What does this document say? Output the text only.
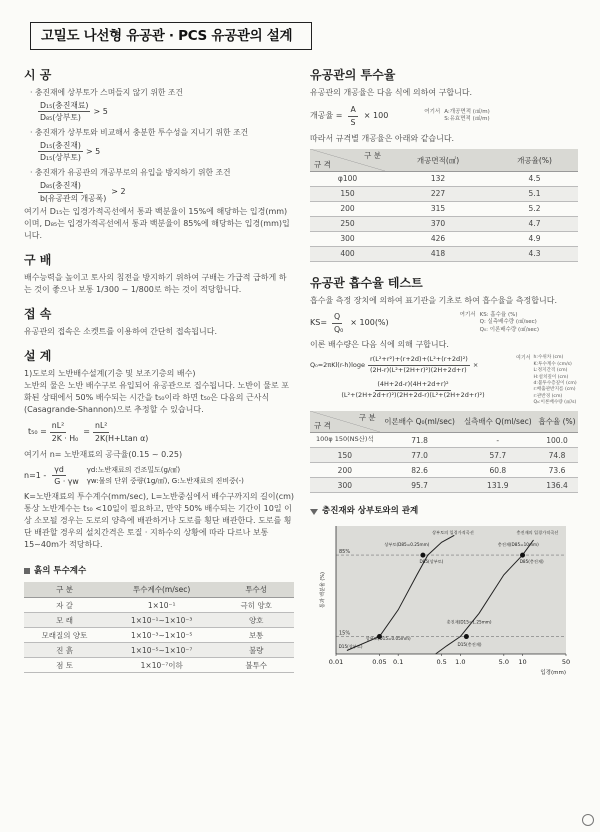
고밀도 나선형 유공관 · PCS 유공관의 설계
시 공
· 충진재에 상부토가 스며들지 않기 위한 조건
$\frac{\text{D₁₅(충진재료)}}{\text{D₈₅(상부토)}} > 5$
· 충진재가 상부토와 비교해서 충분한 투수성을 지니기 위한 조건
$\frac{\text{D₁₅(충진재)}}{\text{D₁₅(상부토)}} > 5$
· 충진재가 유공관의 개공부로의 유입을 방지하기 위한 조건
$\frac{\text{D₈₅(충진재)}}{\text{b(유공관의 개공폭)}} > 2$

여기서 D₁₅는 입경가적곡선에서 통과 백분율이 15%에 해당하는 입경(mm)이며, D₈₅는 입경가적곡선에서 통과 백분율이 85%에 해당하는 입경(mm)입니다.

구 배

배수능력을 높이고 토사의 침전을 방지하기 위하여 구배는 가급적 급하게 하는 것이 좋으나 보통 1/300 ~ 1/800로 하는 것이 적당합니다.

접 속

유공관의 접속은 소켓트를 이용하여 간단히 접속됩니다.

설 계

1)도로의 노반배수설계(기층 및 보조기층의 배수)

노반의 물은 노반 배수구로 유입되어 유공관으로 집수됩니다. 노반이 물로 포화된 상태에서 50% 배수되는 시간을 t₅₀이라 하면 t₅₀은 다음의 근사식(Casagrande-Shannon)으로 추정할 수 있습니다.

$t_{50} = \frac{\text{nL²}}{\text{2K · H₀}} = \frac{\text{nL²}}{\text{2K(H+Ltan α)}}$

여기서 n= 노반재료의 공극율(0.15 ~ 0.25)

$n=1 - \frac{\gamma d}{G \cdot \gamma w} \gamma d$:노반재료의 건조밀도(g/㎤)
γw:물의 단위 중량(1g/㎤), G:노반재료의 진비중(-)

K=노반재료의 투수계수(mm/sec), L=노반중심에서 배수구까지의 길이(cm) 통상 노반계수는 t₅₀ <10일이 필요하고, 만약 50% 배수되는 기간이 10일 이상 소모될 경우는 도로의 양측에 배관하거나 도로를 횡단 배관한다. 도로를 횡단 배관할 경우의 설치간격은 토질 · 지하수의 상황에 따라 다르나 보통 15~40m가 적당하다.

흙의 투수계수
구 분	투수계수(m/sec)	투수성
자 갈	1×10⁻¹	극히 양호
모 래	1×10⁻¹~1×10⁻³	양호
모래질의 양토	1×10⁻³~1×10⁻⁵	보통
진 흙	1×10⁻⁵~1×10⁻⁷	불량
점 토	1×10⁻⁷이하	불투수
유공관의 투수율

유공관의 개공율은 다음 식에 의하여 구합니다.

개공율 = $\frac{A}{S} \times 100$	여기서 A:개공면적 (㎠/m)
S:유효면적 (㎠/m)

따라서 규격별 개공율은 아래와 같습니다.

구 분
규 격	개공면적(㎠)	개공율(%)
φ100	132	4.5
150	227	5.1
200	315	5.2
250	370	4.7
300	426	4.9
400	418	4.3
유공관 흡수율 테스트

흡수율 측정 장치에 의하여 표기관을 기초로 하여 흡수율을 측정합니다.

$KS= \frac{Q}{\text{Q₀}} \times 100(\%)$
여기서 KS: 흡수율 (%)
Q: 실측배수량 (㎤/sec)
Q₀: 이론배수량 (㎤/sec)

이론 배수량은 다음 식에 의해 구합니다.

$Q_0=2\pi Kl(r-h)\log e \frac{\text{r(L²+r²)+(r+2d)+(L²+(r+2d)²)}}{\text{(2H-r)(L²+(2H+r)²)(2H+2d+r)}}$ ×
$\frac{\text{(4H+2d-r)(4H+2d+r)²}}{\text{(L²+(2H+2d+r)²)(2H+2d-r)(L²+(2H+2d+r)²)}}$
여기서 h:수위차 (cm)
K:투수계수 (cm/s)
L:정지간격 (cm)
H:설치깊이 (cm)
d:불투수층깊이 (cm)
r:배출관반지름 (cm)
r:관반경 (cm)
Q₀:이론배수량 (㎤/s)
구 분
규 격	이론배수 Q₀(ml/sec)	실측배수 Q(ml/sec)	흡수율 (%)
100φ 150(NS산)석	71.8	-	100.0
150	77.0	57.7	74.8
200	82.6	60.8	73.6
300	95.7	131.9	136.4
충진재와 상부토와의 관계
85%
15%
상부토의 입경가적곡선
상부토(D85=0.25mm)
D85(상부토)
충진재의 입경가적곡선
충진재(D85=10mm)
D85(충진재)
충진재(D15=1.25mm)
상부토(D15=0.05mm)
D15(충진재)
D15(상부토)
0.01	0.05 0.1	0.5 1.0	5.0 10	50
입경(mm)
통과 백분율 (%)
